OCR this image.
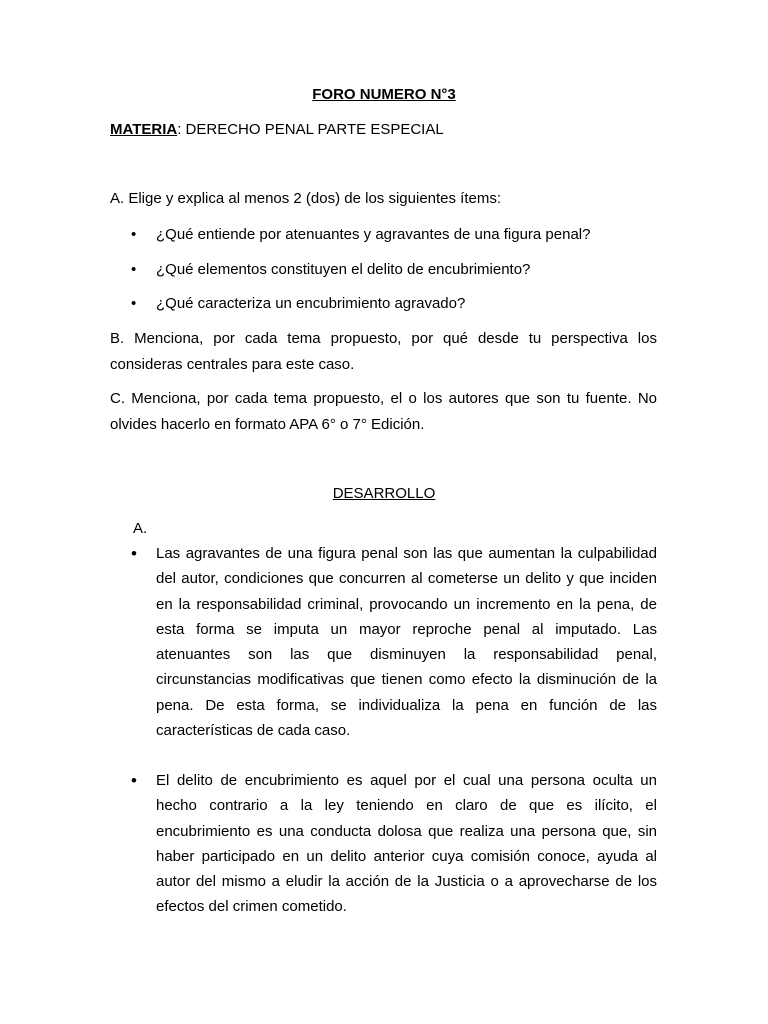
FORO NUMERO N°3
MATERIA: DERECHO PENAL PARTE ESPECIAL
A. Elige y explica al menos 2 (dos) de los siguientes ítems:
•	¿Qué entiende por atenuantes y agravantes de una figura penal?
•	¿Qué elementos constituyen el delito de encubrimiento?
•	¿Qué caracteriza un encubrimiento agravado?
B. Menciona, por cada tema propuesto, por qué desde tu perspectiva los consideras centrales para este caso.
C. Menciona, por cada tema propuesto, el o los autores que son tu fuente. No olvides hacerlo en formato APA 6° o 7° Edición.
DESARROLLO
A.
• Las agravantes de una figura penal son las que aumentan la culpabilidad del autor, condiciones que concurren al cometerse un delito y que inciden en la responsabilidad criminal, provocando un incremento en la pena, de esta forma se imputa un mayor reproche penal al imputado. Las atenuantes son las que disminuyen la responsabilidad penal, circunstancias modificativas que tienen como efecto la disminución de la pena. De esta forma, se individualiza la pena en función de las características de cada caso.
• El delito de encubrimiento es aquel por el cual una persona oculta un hecho contrario a la ley teniendo en claro de que es ilícito, el encubrimiento es una conducta dolosa que realiza una persona que, sin haber participado en un delito anterior cuya comisión conoce, ayuda al autor del mismo a eludir la acción de la Justicia o a aprovecharse de los efectos del crimen cometido.
